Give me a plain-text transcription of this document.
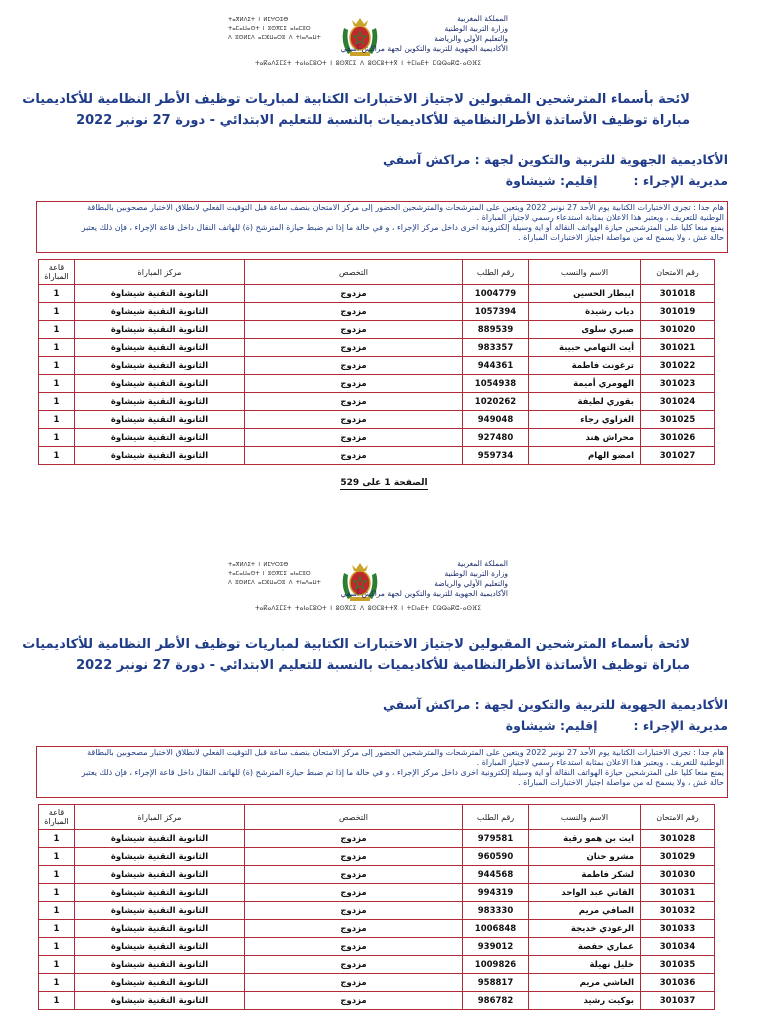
ⵜⴰⴳⵍⴷⵉⵜ ⵏ ⵍⵎⵖⵔⵉⴱ
ⵜⴰⵎⴰⵡⴰⵙⵜ ⵏ ⵓⵙⴳⵎⵉ ⴰⵏⴰⵎⵓⵔ
ⴷ ⵓⵙⵍⵎⴷ ⴰⵎⵣⵡⴰⵔⵓ ⴷ ⵜⵏⴰⴷⴰⵡⵜ
المملكة المغربية
وزارة التربية الوطنية
والتعليم الأولي والرياضة
الأكاديمية الجهوية للتربية والتكوين لجهة مراكش-آسفي
ⵜⴰⴽⴰⴷⵉⵎⵉⵜ ⵜⴰⵏⴰⵎⵓⵔⵜ ⵏ ⵓⵙⴳⵎⵉ ⴷ ⵓⵙⵎⵓⵜⵜⴳ ⵏ ⵜⵎⵏⴰⴹⵜ ⵎⵕⵕⴰⴽⵛ-ⴰⵙⴼⵉ
لائحة بأسماء المترشحين المقبولين لاجتياز الاختبارات الكتابية لمباريات توظيف الأطر النظامية للأكاديميات
مباراة توظيف الأساتذة الأطرالنظامية للأكاديميات بالنسبة للتعليم الابتدائي - دورة 27 نونبر 2022
الأكاديمية الجهوية للتربية والتكوين لجهة : مراكش آسفي
مديرية الإجراء :إقليم: شيشاوة

هام جدا : تجرى الاختبارات الكتابية يوم الأحد 27 نونبر 2022 ويتعين على المترشحات والمترشحين الحضور إلى مركز الامتحان بنصف ساعة قبل التوقيت الفعلي لانطلاق الاختبار مصحوبين بالبطاقة

الوطنية للتعريف ، ويعتبر هذا الاعلان بمثابة استدعاء رسمي لاجتياز المباراة .

يمنع منعا كليا على المترشحين حيازة الهواتف النقالة أو اية وسيلة إلكترونية اخرى داخل مركز الإجراء ، و في حالة ما إذا تم ضبط حيازة المترشح (ة) للهاتف النقال داخل قاعة الإجراء ، فإن ذلك يعتبر

حالة غش ، ولا يسمح له من مواصلة اجتياز الاختبارات المباراة .

رقم الامتحان	الاسم والنسب	رقم الطلب	التخصص	مركز المباراة	قاعة المباراة
301018	ايبطار الحسين	1004779	مزدوج	الثانوية التقنية شيشاوة	1
301019	دياب رشيدة	1057394	مزدوج	الثانوية التقنية شيشاوة	1
301020	صبري سلوى	889539	مزدوج	الثانوية التقنية شيشاوة	1
301021	أيت التهامي حبيبة	983357	مزدوج	الثانوية التقنية شيشاوة	1
301022	ترغونت فاطمة	944361	مزدوج	الثانوية التقنية شيشاوة	1
301023	الهومري أميمة	1054938	مزدوج	الثانوية التقنية شيشاوة	1
301024	بقوري لطيفة	1020262	مزدوج	الثانوية التقنية شيشاوة	1
301025	الغزاوي رجاء	949048	مزدوج	الثانوية التقنية شيشاوة	1
301026	محراش هند	927480	مزدوج	الثانوية التقنية شيشاوة	1
301027	امضو الهام	959734	مزدوج	الثانوية التقنية شيشاوة	1
الصفحة 1 على 529
ⵜⴰⴳⵍⴷⵉⵜ ⵏ ⵍⵎⵖⵔⵉⴱ
ⵜⴰⵎⴰⵡⴰⵙⵜ ⵏ ⵓⵙⴳⵎⵉ ⴰⵏⴰⵎⵓⵔ
ⴷ ⵓⵙⵍⵎⴷ ⴰⵎⵣⵡⴰⵔⵓ ⴷ ⵜⵏⴰⴷⴰⵡⵜ
المملكة المغربية
وزارة التربية الوطنية
والتعليم الأولي والرياضة
الأكاديمية الجهوية للتربية والتكوين لجهة مراكش-آسفي
ⵜⴰⴽⴰⴷⵉⵎⵉⵜ ⵜⴰⵏⴰⵎⵓⵔⵜ ⵏ ⵓⵙⴳⵎⵉ ⴷ ⵓⵙⵎⵓⵜⵜⴳ ⵏ ⵜⵎⵏⴰⴹⵜ ⵎⵕⵕⴰⴽⵛ-ⴰⵙⴼⵉ
لائحة بأسماء المترشحين المقبولين لاجتياز الاختبارات الكتابية لمباريات توظيف الأطر النظامية للأكاديميات
مباراة توظيف الأساتذة الأطرالنظامية للأكاديميات بالنسبة للتعليم الابتدائي - دورة 27 نونبر 2022
الأكاديمية الجهوية للتربية والتكوين لجهة : مراكش آسفي
مديرية الإجراء :إقليم: شيشاوة

هام جدا : تجرى الاختبارات الكتابية يوم الأحد 27 نونبر 2022 ويتعين على المترشحات والمترشحين الحضور إلى مركز الامتحان بنصف ساعة قبل التوقيت الفعلي لانطلاق الاختبار مصحوبين بالبطاقة

الوطنية للتعريف ، ويعتبر هذا الاعلان بمثابة استدعاء رسمي لاجتياز المباراة .

يمنع منعا كليا على المترشحين حيازة الهواتف النقالة أو اية وسيلة إلكترونية اخرى داخل مركز الإجراء ، و في حالة ما إذا تم ضبط حيازة المترشح (ة) للهاتف النقال داخل قاعة الإجراء ، فإن ذلك يعتبر

حالة غش ، ولا يسمح له من مواصلة اجتياز الاختبارات المباراة .

رقم الامتحان	الاسم والنسب	رقم الطلب	التخصص	مركز المباراة	قاعة المباراة
301028	ايت بن همو رقية	979581	مزدوج	الثانوية التقنية شيشاوة	1
301029	مشرو حنان	960590	مزدوج	الثانوية التقنية شيشاوة	1
301030	لشكر فاطمة	944568	مزدوج	الثانوية التقنية شيشاوة	1
301031	القاتي عبد الواحد	994319	مزدوج	الثانوية التقنية شيشاوة	1
301032	الصافي مريم	983330	مزدوج	الثانوية التقنية شيشاوة	1
301033	الرعودي خديجة	1006848	مزدوج	الثانوية التقنية شيشاوة	1
301034	عماري حفصة	939012	مزدوج	الثانوية التقنية شيشاوة	1
301035	خليل نهيلة	1009826	مزدوج	الثانوية التقنية شيشاوة	1
301036	الغاشي مريم	958817	مزدوج	الثانوية التقنية شيشاوة	1
301037	بوكيت رشيد	986782	مزدوج	الثانوية التقنية شيشاوة	1
